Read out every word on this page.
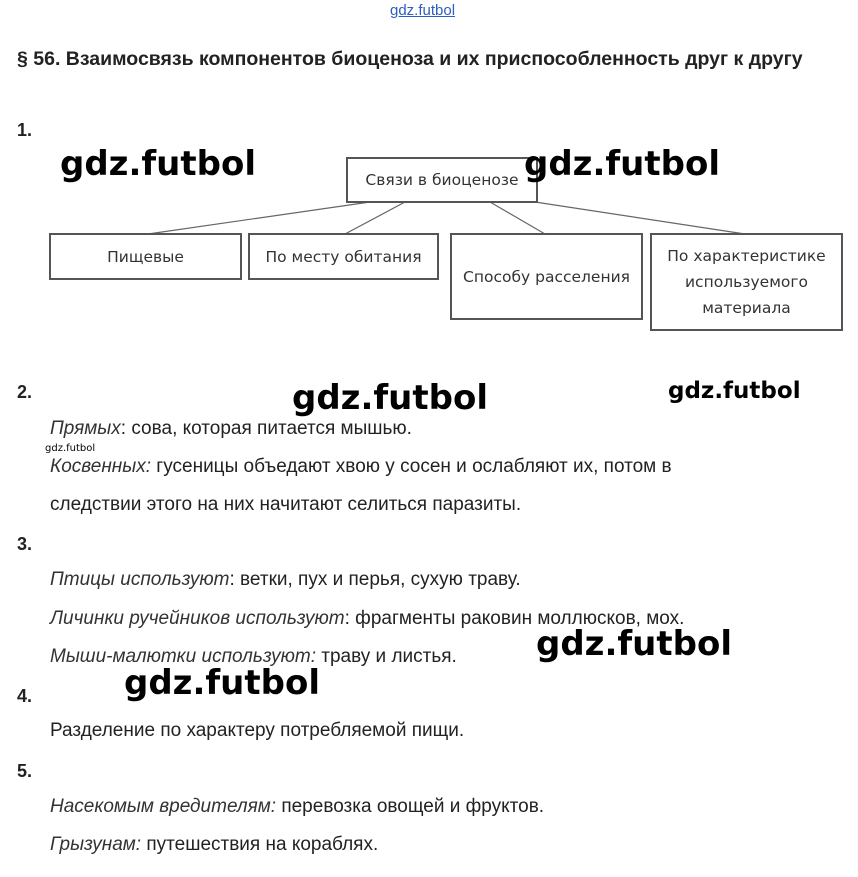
gdz.futbol
§ 56. Взаимосвязь компонентов биоценоза и их приспособленность друг к другу
1.
Связи в биоценозе
Пищевые	По месту обитания
Способу расселения
По характеристике используемого материала
2.
Прямых: сова, которая питается мышью.
Косвенных: гусеницы объедают хвою у сосен и ослабляют их, потом в
следствии этого на них начитают селиться паразиты.
3.
Птицы используют: ветки, пух и перья, сухую траву.
Личинки ручейников используют: фрагменты раковин моллюсков, мох.
Мыши-малютки используют: траву и листья.
4.
Разделение по характеру потребляемой пищи.
5.
Насекомым вредителям: перевозка овощей и фруктов.
Грызунам: путешествия на кораблях.
gdz.futbol	gdz.futbol
gdz.futbol	gdz.futbol
gdz.futbol
gdz.futbol
gdz.futbol
